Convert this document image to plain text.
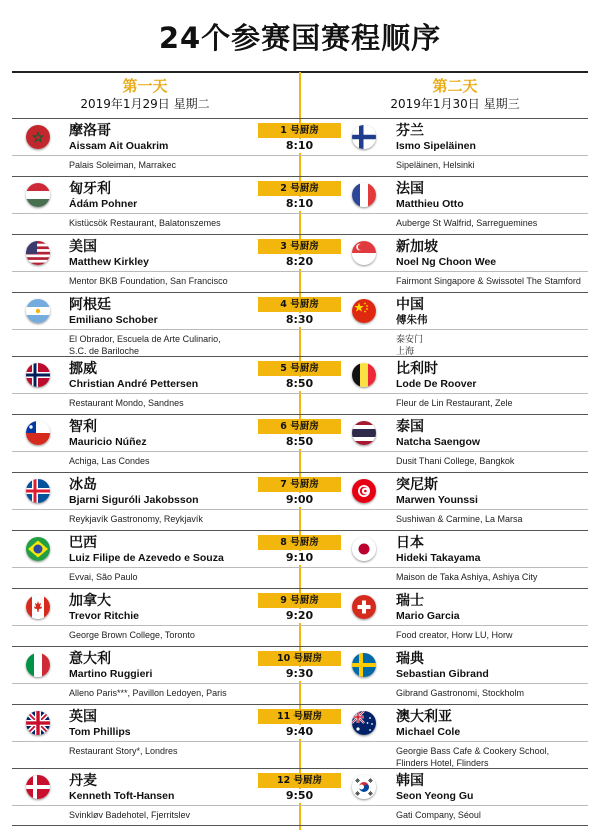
24个参赛国赛程顺序
第一天
2019年1月29日 星期二
第二天
2019年1月30日 星期三
摩洛哥
Aissam Ait Ouakrim
Palais Soleiman, Marrakec
1 号厨房
8:10
芬兰
Ismo Sipeläinen
Sipeläinen, Helsinki
匈牙利
Ádám Pohner
Kistücsök Restaurant, Balatonszemes
2 号厨房
8:10
法国
Matthieu Otto
Auberge St Walfrid, Sarreguemines
美国
Matthew Kirkley
Mentor BKB Foundation, San Francisco
3 号厨房
8:20
新加坡
Noel Ng Choon Wee
Fairmont Singapore & Swissotel The Stamford
阿根廷
Emiliano Schober
El Obrador, Escuela de Arte Culinario,
S.C. de Bariloche
4 号厨房
8:30
中国
傅朱伟
泰安门
上海
挪威
Christian André Pettersen
Restaurant Mondo, Sandnes
5 号厨房
8:50
比利时
Lode De Roover
Fleur de Lin Restaurant, Zele
智利
Mauricio Núñez
Achiga, Las Condes
6 号厨房
8:50
泰国
Natcha Saengow
Dusit Thani College, Bangkok
冰岛
Bjarni Siguróli Jakobsson
Reykjavík Gastronomy, Reykjavík
7 号厨房
9:00
突尼斯
Marwen Younssi
Sushiwan & Carmine, La Marsa
巴西
Luiz Filipe de Azevedo e Souza
Evvai, São Paulo
8 号厨房
9:10
日本
Hideki Takayama
Maison de Taka Ashiya, Ashiya City
加拿大
Trevor Ritchie
George Brown College, Toronto
9 号厨房
9:20
瑞士
Mario Garcia
Food creator, Horw LU, Horw
意大利
Martino Ruggieri
Alleno Paris***, Pavillon Ledoyen, Paris
10 号厨房
9:30
瑞典
Sebastian Gibrand
Gibrand Gastronomi, Stockholm
英国
Tom Phillips
Restaurant Story*, Londres
11 号厨房
9:40
澳大利亚
Michael Cole
Georgie Bass Cafe & Cookery School,
Flinders Hotel, Flinders
丹麦
Kenneth Toft-Hansen
Svinkløv Badehotel, Fjerritslev
12 号厨房
9:50
韩国
Seon Yeong Gu
Gati Company, Séoul
